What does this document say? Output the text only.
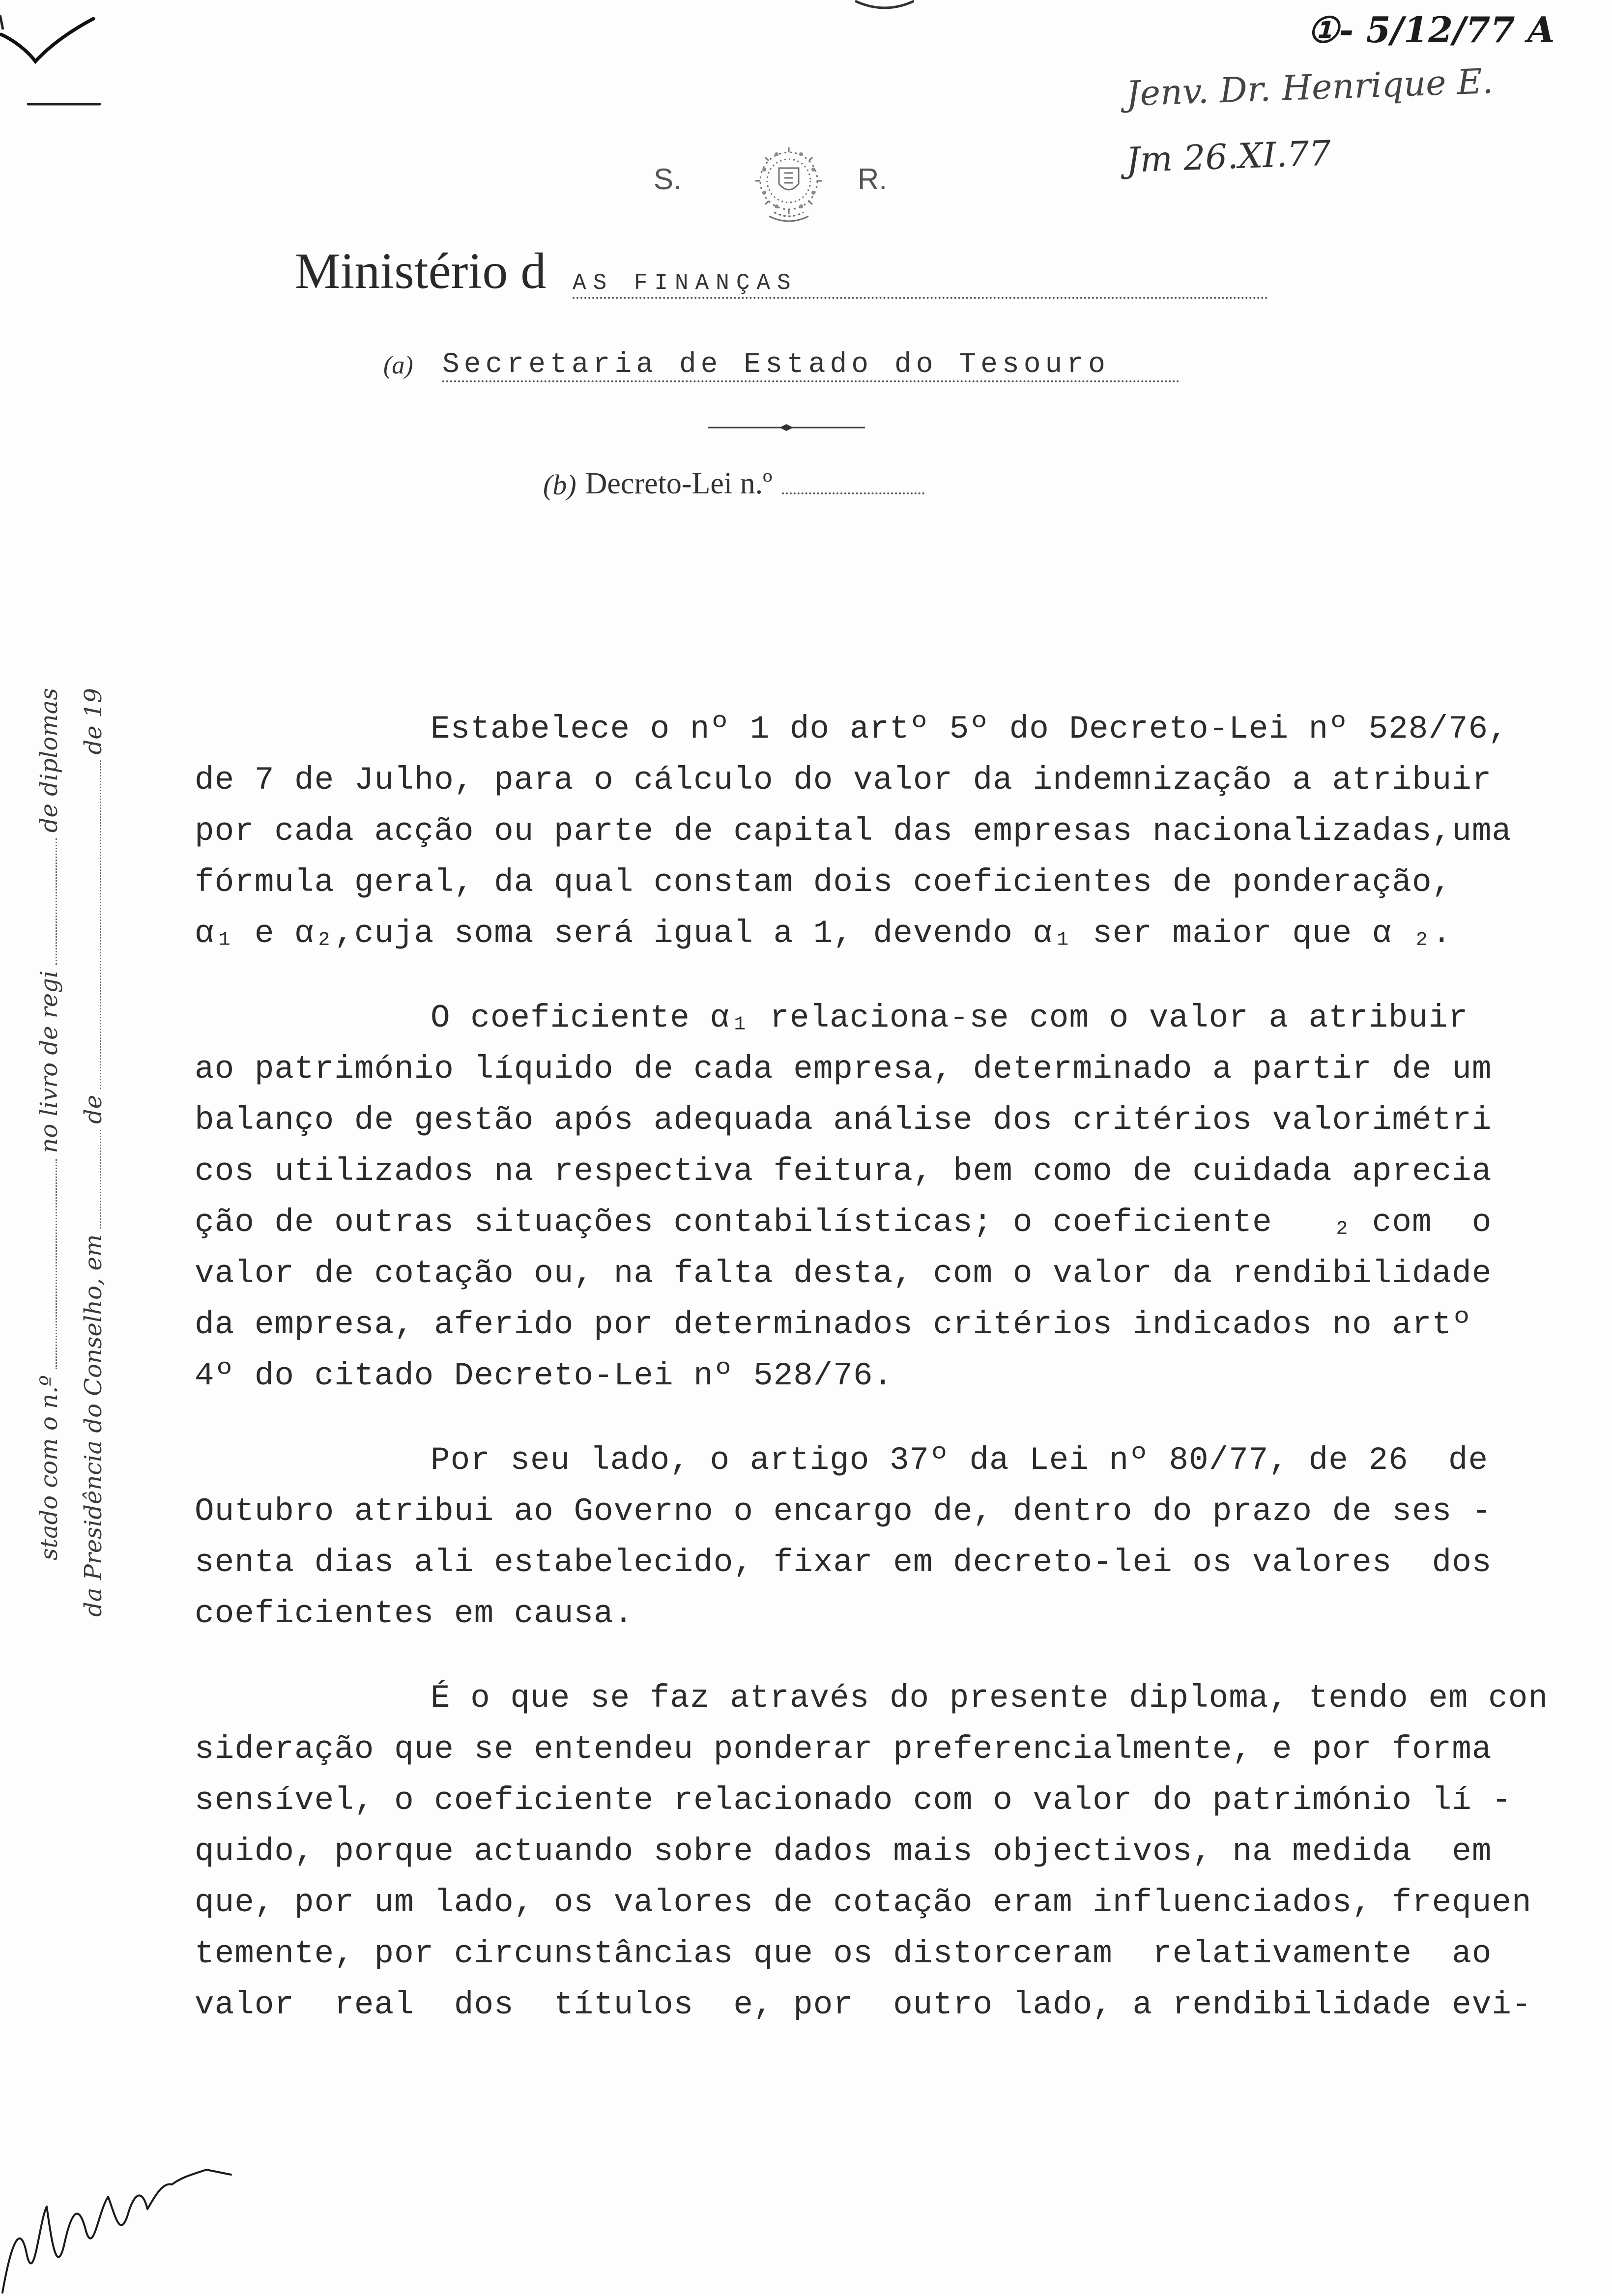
①- 5/12/77 A
Jenv. Dr. Henrique E.
Jm 26.XI.77
S.	R.
Ministério d AS FINANÇAS
(a) Secretaria de Estado do Tesouro
(b) Decreto-Lei n.º
stado com o n.º
no livro de regi
de diplomas
da Presidência do Conselho, em
de
de 19	Estabelece o nº 1 do artº 5º do Decreto-Lei nº 528/76,
de 7 de Julho, para o cálculo do valor da indemnização a atribuir
por cada acção ou parte de capital das empresas nacionalizadas,uma
fórmula geral, da qual constam dois coeficientes de ponderação,
α₁ e α₂,cuja soma será igual a 1, devendo α₁ ser maior que α ₂.
O coeficiente α₁ relaciona-se com o valor a atribuir
ao património líquido de cada empresa, determinado a partir de um
balanço de gestão após adequada análise dos critérios valorimétri
cos utilizados na respectiva feitura, bem como de cuidada aprecia
ção de outras situações contabilísticas; o coeficiente   ₂ com  o
valor de cotação ou, na falta desta, com o valor da rendibilidade
da empresa, aferido por determinados critérios indicados no artº
4º do citado Decreto-Lei nº 528/76.
Por seu lado, o artigo 37º da Lei nº 80/77, de 26  de
Outubro atribui ao Governo o encargo de, dentro do prazo de ses -
senta dias ali estabelecido, fixar em decreto-lei os valores  dos
coeficientes em causa.
É o que se faz através do presente diploma, tendo em con
sideração que se entendeu ponderar preferencialmente, e por forma
sensível, o coeficiente relacionado com o valor do património lí -
quido, porque actuando sobre dados mais objectivos, na medida  em
que, por um lado, os valores de cotação eram influenciados, frequen
temente, por circunstâncias que os distorceram  relativamente  ao
valor  real  dos  títulos  e, por  outro lado, a rendibilidade evi-
